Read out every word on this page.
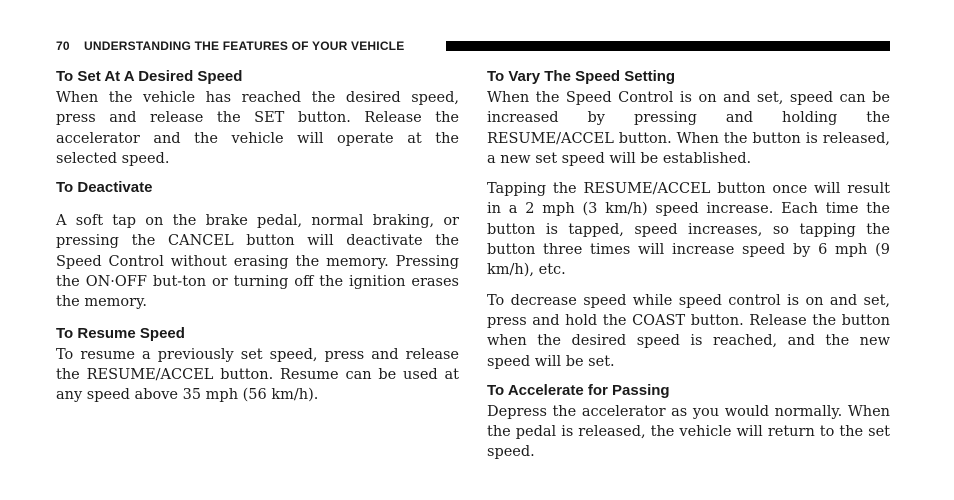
70 UNDERSTANDING THE FEATURES OF YOUR VEHICLE
To Set At A Desired Speed

When the vehicle has reached the desired speed, press and release the SET button. Release the accelerator and the vehicle will operate at the selected speed.

To Deactivate

A soft tap on the brake pedal, normal braking, or pressing the CANCEL button will deactivate the Speed Control without erasing the memory. Pressing the ON·OFF but-ton or turning off the ignition erases the memory.

To Resume Speed

To resume a previously set speed, press and release the RESUME/ACCEL button. Resume can be used at any speed above 35 mph (56 km/h).

To Vary The Speed Setting

When the Speed Control is on and set, speed can be increased by pressing and holding the RESUME/ACCEL button. When the button is released, a new set speed will be established.

Tapping the RESUME/ACCEL button once will result in a 2 mph (3 km/h) speed increase. Each time the button is tapped, speed increases, so tapping the button three times will increase speed by 6 mph (9 km/h), etc.

To decrease speed while speed control is on and set, press and hold the COAST button. Release the button when the desired speed is reached, and the new speed will be set.

To Accelerate for Passing

Depress the accelerator as you would normally. When the pedal is released, the vehicle will return to the set speed.
